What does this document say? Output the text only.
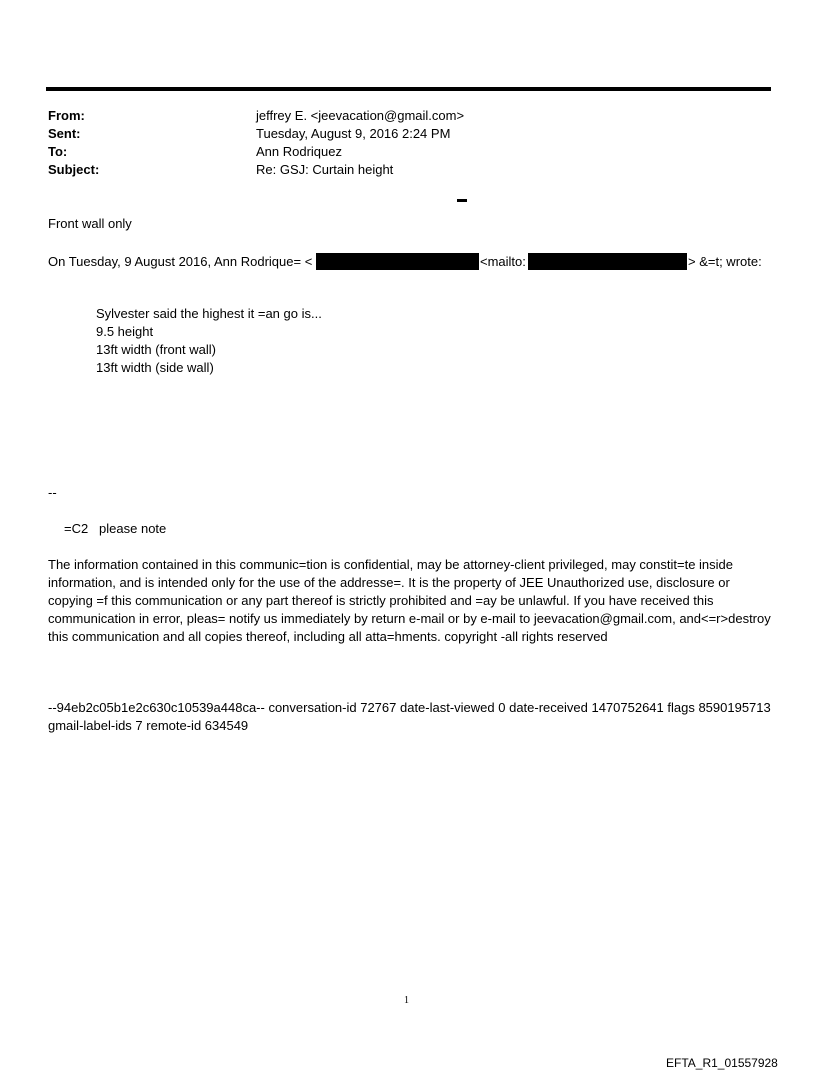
From:	jeffrey E. <jeevacation@gmail.com>
Sent:	Tuesday, August 9, 2016 2:24 PM
To:	Ann Rodriquez
Subject:	Re: GSJ: Curtain height
Front wall only
On Tuesday, 9 August 2016, Ann Rodrique= <	<mailto:	> &=t; wrote:
Sylvester said the highest it =an go is...
9.5 height
13ft width (front wall)
13ft width (side wall)
--
=C2   please note

The information contained in this communic=tion is confidential, may be attorney-client privileged, may constit=te inside information, and is intended only for the use of the addresse=. It is the property of JEE Unauthorized use, disclosure or copying =f this communication or any part thereof is strictly prohibited and =ay be unlawful. If you have received this communication in error, pleas= notify us immediately by return e-mail or by e-mail to jeevacation@gmail.com, and<=r>destroy this communication and all copies thereof, including all atta=hments. copyright -all rights reserved

--94eb2c05b1e2c630c10539a448ca-- conversation-id 72767 date-last-viewed 0 date-received 1470752641 flags 8590195713 gmail-label-ids 7 remote-id 634549

1
EFTA_R1_01557928
